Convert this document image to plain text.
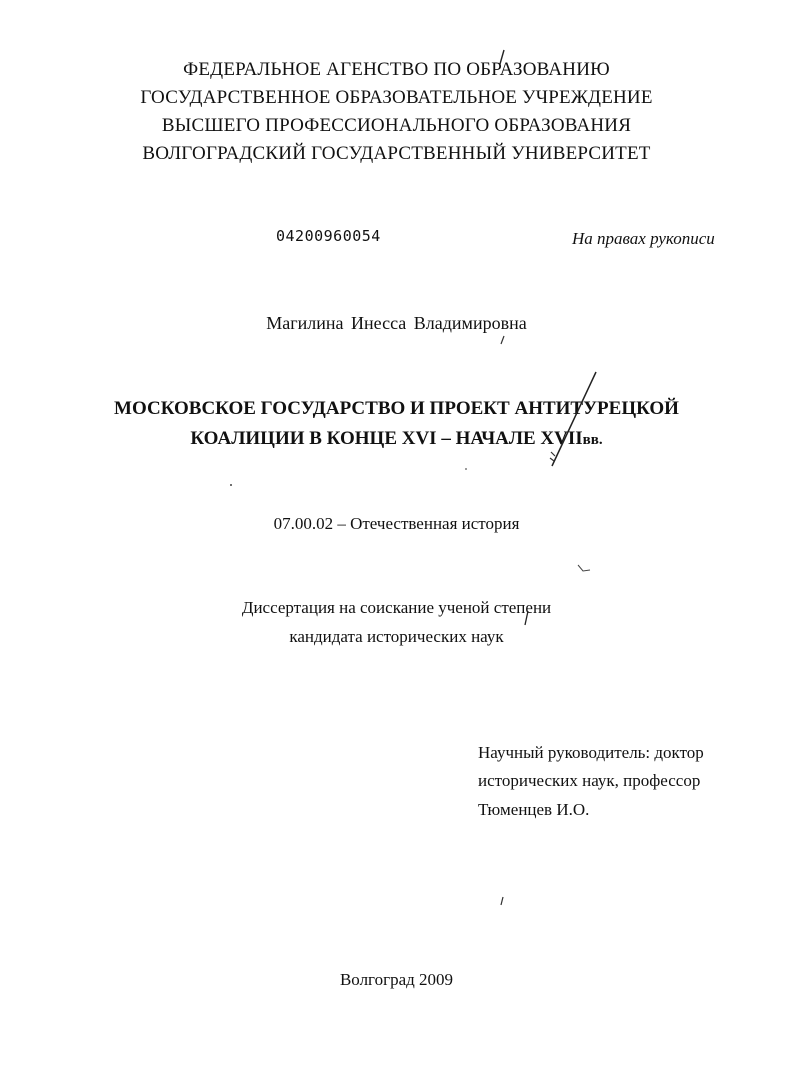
ФЕДЕРАЛЬНОЕ АГЕНСТВО ПО ОБРАЗОВАНИЮ
ГОСУДАРСТВЕННОЕ ОБРАЗОВАТЕЛЬНОЕ УЧРЕЖДЕНИЕ
ВЫСШЕГО ПРОФЕССИОНАЛЬНОГО ОБРАЗОВАНИЯ
ВОЛГОГРАДСКИЙ ГОСУДАРСТВЕННЫЙ УНИВЕРСИТЕТ
04200960054	На правах рукописи
Магилина Инесса Владимировна
МОСКОВСКОЕ ГОСУДАРСТВО И ПРОЕКТ АНТИТУРЕЦКОЙ
КОАЛИЦИИ В КОНЦЕ XVI – НАЧАЛЕ XVIIвв.
07.00.02 – Отечественная история
Диссертация на соискание ученой степени
кандидата исторических наук
Научный руководитель: доктор
исторических наук, профессор
Тюменцев И.О.
Волгоград 2009
